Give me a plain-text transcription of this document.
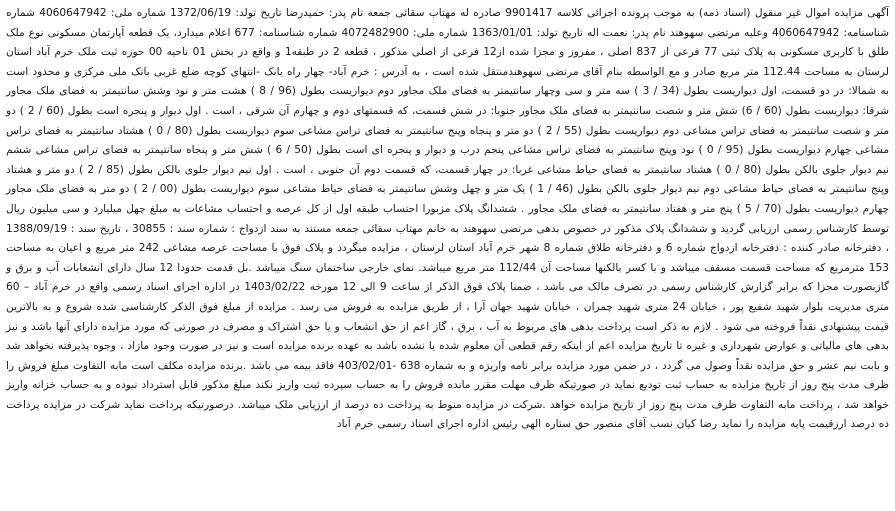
آگهی مزایده اموال غیر منقول (اسناد ذمه) به موجب پرونده اجرائی کلاسه 9901417 صادره له مهتاب سقائی جمعه تام پدر: حمیدرضا تاریخ تولد: 1372/06/19 شماره ملی: 4060647942 شماره شناسنامه: 4060647942 وعلیه مرتضی سهوهند نام پدر: نعمت اله تاریخ تولد: 1363/01/01 شماره ملی: 4072482900 شماره شناسنامه: 677 اعلام میدارد، یک قطعه آپارتمان مسکونی نوع ملک طلق با کاربری مسکونی به پلاک ثبتی 77 فرعی از 837 اصلی ، مفروز و مجزا شده از12 فرعی از اصلی مذکور ، قطعه 2 در طبقه1 و واقع در بخش 01 ناحیه 00 حوزه ثبت ملک خرم آباد استان لرستان به مساحت 112.44 متر مربع صادر و مع الواسطه بنام آقای مرتضی سهوهندمنتقل شده است ، به آدرس : خرم آباد- چهار راه بانک -انتهای کوچه ضلع غربی بانک ملی مرکزی و محدود است به شمالا: در دو قسمت، اول دیواریست بطول (34 / 3 ) سه متر و سی وچهار سانتیمتر به فضای ملک مجاور دوم دیواریست بطول (96 / 8 ) هشت متر و نود وشش سانتیمتر به فضای ملک مجاور شرقا: دیواریست بطول (60 / 6) شش متر و شصت سانتیمتر به فضای ملک مجاور جنوبا: در شش قسمت، که قسمتهای دوم و چهارم آن شرقی ، است . اول دیوار و پنجره است بطول (60 / 2 ) دو متر و شصت سانتیمتر به فضای تراس مشاعی دوم دیواریست بطول (55 / 2 ) دو متر و پنجاه وپنج سانتیمتر به فضای تراس مشاعی سوم دیواریست بطول (80 / 0 ) هشتاد سانتیمتر به فضای تراس مشاعی چهارم دیواریست بطول (95 / 0 ) نود وپنج سانتیمتر به فضای تراس مشاعی پنجم درب و دیوار و پنجره ای است بطول (50 / 6 ) شش متر و پنجاه سانتیمتر به فضای تراس مشاعی ششم نیم دیوار جلوی بالکن بطول (80 / 0 ) هشتاد سانتیمتر به فضای حیاط مشاعی غربا: در چهار قسمت، که قسمت دوم آن جنوبی ، است . اول نیم دیوار جلوی بالکن بطول (85 / 2 ) دو متر و هشتاد وپنج سانتیمتر به فضای حیاط مشاعی دوم نیم دیوار جلوی بالکن بطول (46 / 1 ) یک متر و چهل وشش سانتیمتر به فضای حیاط مشاعی سوم دیواریست بطول (00 / 2 ) دو متر به فضای ملک مجاور چهارم دیواریست بطول (70 / 5 ) پنج متر و هفتاد سانتیمتر به فضای ملک مجاور . ششدانگ پلاک مزبورا احتساب طبقه اول از کل عرصه و احتساب مشاعات به مبلغ چهل میلیارد و سی میلیون ریال توسط کارشناس رسمی ارزیابی گردید و ششدانگ پلاک مذکور در خصوص بدهی مرتضی سهوهند به خانم مهتاب سقائی جمعه مستند به سند ازدواج : شماره سند : 30855 ، تاریخ سند : 1388/09/19 ، دفترخانه صادر کننده : دفترخانه ازدواج شماره 6 و دفترخانه طلاق شماره 8 شهر خرم آباد استان لرستان ، مزایده میگردد و پلاک فوق با مساحت عرصه مشاعی 242 متر مربع و اعیان به مساحت 153 مترمربع که مساحت قسمت مسقف میباشد و با کسر بالکنها مساحت آن 112/44 متر مربع میباشد. نمای خارجی ساختمان سنگ میباشد .بل قدمت حدودا 12 سال دارای انشعابات آب و برق و گازبصورت مجزا که برابر گزارش کارشناس رسمی در تصرف مالک می باشد ، ضمنا پلاک فوق الذکر از ساعت 9 الی 12 مورخه 1403/02/22 در اداره اجرای اسناد رسمی واقع در خرم آباد – 60 متری مدیریت بلوار شهید شفیع پور ، خیابان 24 متری شهید چمران ، خیابان شهید جهان آرا ، از طریق مزایده به فروش می رسد . مزایده از مبلغ فوق الذکر کارشناسی شده شروع و به بالاترین قیمت پیشنهادی نقداً فروخته می شود . لازم به ذکر است پرداخت بدهی های مربوط به آب ، برق ، گاز اعم از حق انشعاب و یا حق اشتراک و مصرف در صورتی که مورد مزایده دارای آنها باشد و نیز بدهی های مالیاتی و عوارض شهرداری و غیره تا تاریخ مزایده اعم از اینکه رقم قطعی آن معلوم شده یا نشده باشد به عهده برنده مزایده است و نیز در صورت وجود مازاد ، وجوه پذیرفته نخواهد شد و بابت نیم عشر و حق مزایده نقداً وصول می گردد ، در ضمن مورد مزایده برابر نامه واریزه و به شماره 638 -403/02/01 فاقد بیمه می باشد .برنده مزایده مکلف است مابه التفاوت مبلغ فروش را ظرف مدت پنج روز از تاریخ مزایده به حساب ثبت تودیع نماید در صورتیکه ظرف مهلت مقرر مانده فروش را به حساب سپرده ثبت واریز نکند مبلغ مذکور قابل استرداد نبوده و به حساب خزانه واریز خواهد شد ، پرداخت مابه التفاوت ظرف مدت پنج روز از تاریخ مزایده خواهد .شرکت در مزایده منوط به پرداخت ده درصد از ارزیابی ملک میباشد. درصورتیکه پرداخت نماید شرکت در مزایده پرداخت ده درصد ارزقیمت پایه مزایده را نماید رضا کیان نسب آقای منصور حق ستاره الهی رئیس اداره اجرای اسناد رسمی خرم آباد
